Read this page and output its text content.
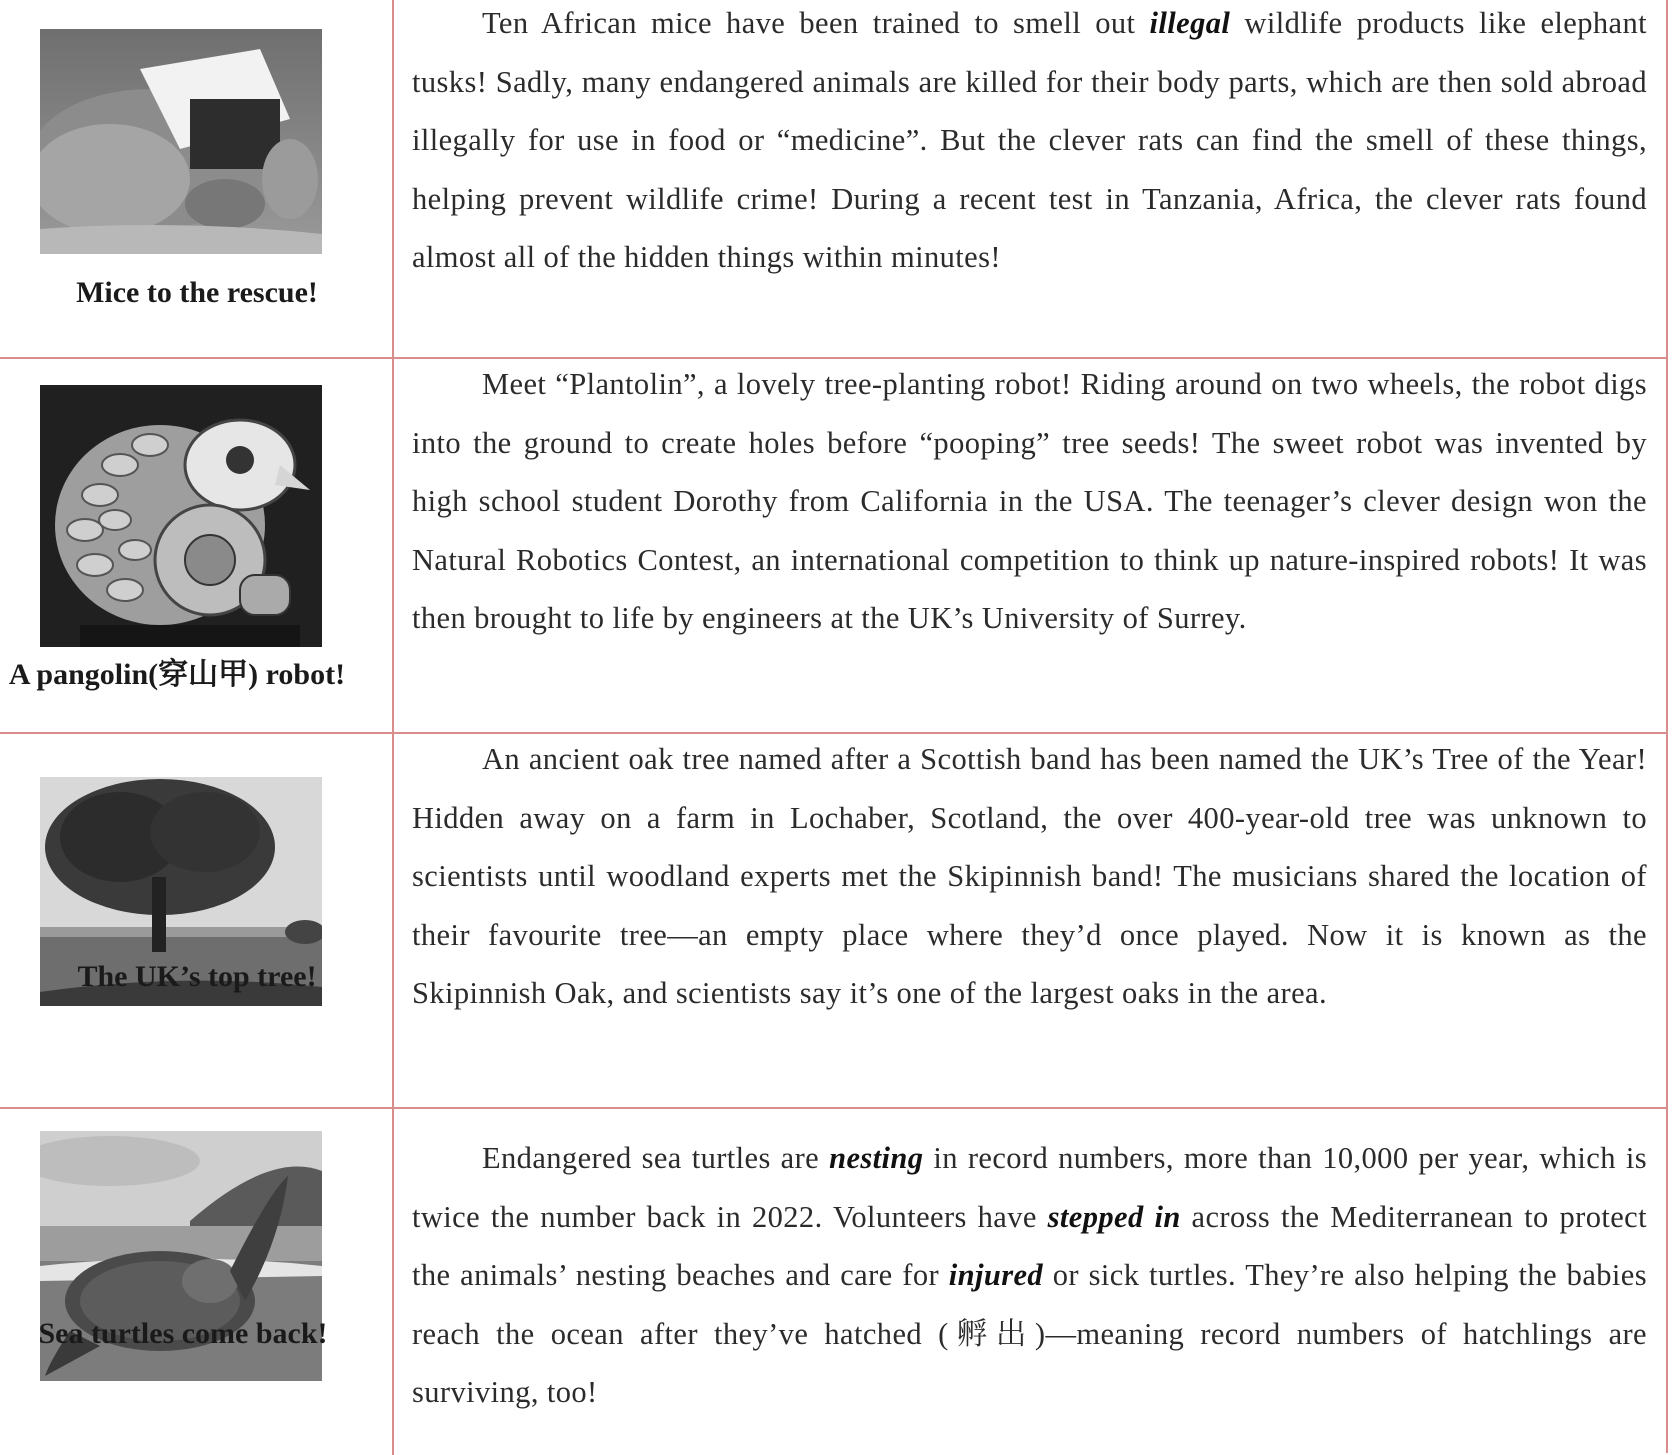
Mice to the rescue!

Ten African mice have been trained to smell out illegal wildlife products like elephant tusks! Sadly, many endangered animals are killed for their body parts, which are then sold abroad illegally for use in food or “medicine”. But the clever rats can find the smell of these things, helping prevent wildlife crime! During a recent test in Tanzania, Africa, the clever rats found almost all of the hidden things within minutes!

A pangolin(穿山甲) robot!

Meet “Plantolin”, a lovely tree-planting robot! Riding around on two wheels, the robot digs into the ground to create holes before “pooping” tree seeds! The sweet robot was invented by high school student Dorothy from California in the USA. The teenager’s clever design won the Natural Robotics Contest, an international competition to think up nature-inspired robots! It was then brought to life by engineers at the UK’s University of Surrey.

The UK’s top tree!

An ancient oak tree named after a Scottish band has been named the UK’s Tree of the Year! Hidden away on a farm in Lochaber, Scotland, the over 400-year-old tree was unknown to scientists until woodland experts met the Skipinnish band! The musicians shared the location of their favourite tree—an empty place where they’d once played. Now it is known as the Skipinnish Oak, and scientists say it’s one of the largest oaks in the area.

Sea turtles come back!

Endangered sea turtles are nesting in record numbers, more than 10,000 per year, which is twice the number back in 2022. Volunteers have stepped in across the Mediterranean to protect the animals’ nesting beaches and care for injured or sick turtles. They’re also helping the babies reach the ocean after they’ve hatched (孵出)—meaning record numbers of hatchlings are surviving, too!
